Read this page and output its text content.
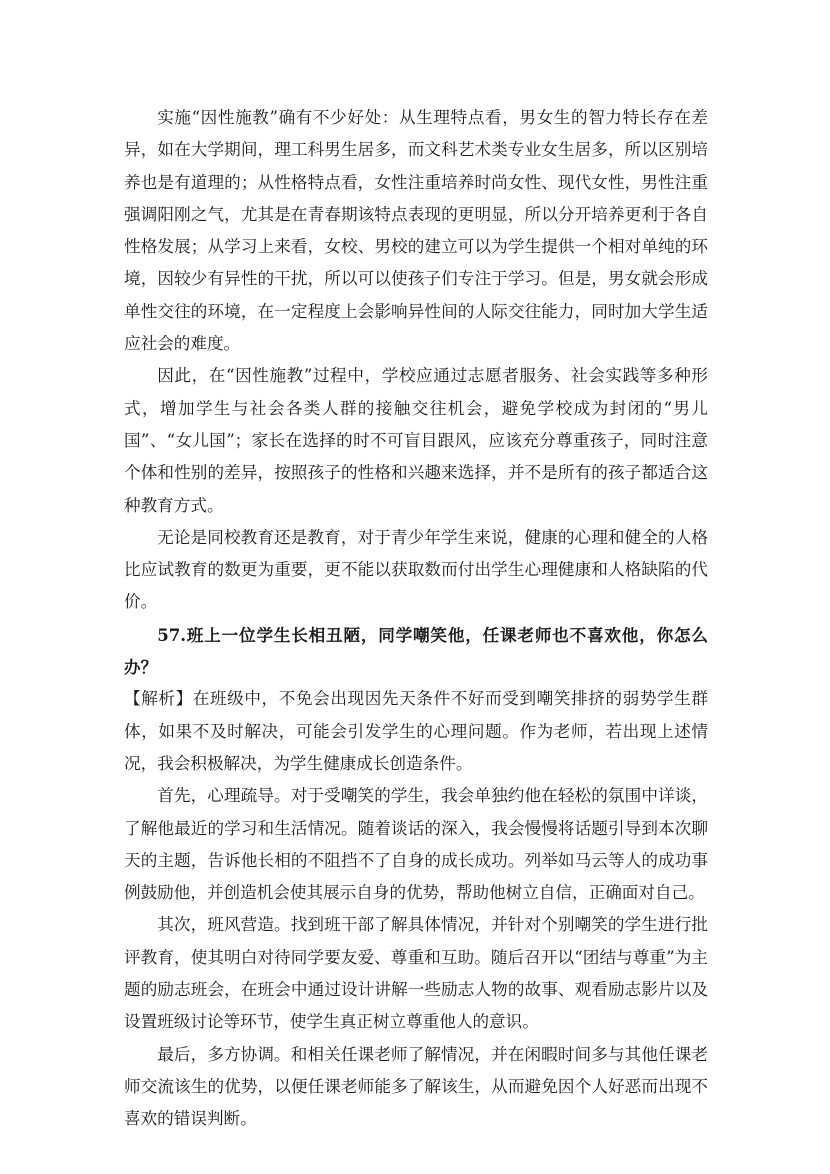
实施“因性施教”确有不少好处：从生理特点看，男女生的智力特长存在差异，如在大学期间，理工科男生居多，而文科艺术类专业女生居多，所以区别培养也是有道理的；从性格特点看，女性注重培养时尚女性、现代女性，男性注重强调阳刚之气，尤其是在青春期该特点表现的更明显，所以分开培养更利于各自性格发展；从学习上来看，女校、男校的建立可以为学生提供一个相对单纯的环境，因较少有异性的干扰，所以可以使孩子们专注于学习。但是，男女就会形成单性交往的环境，在一定程度上会影响异性间的人际交往能力，同时加大学生适应社会的难度。

因此，在“因性施教”过程中，学校应通过志愿者服务、社会实践等多种形式，增加学生与社会各类人群的接触交往机会，避免学校成为封闭的“男儿国”、“女儿国”；家长在选择的时不可盲目跟风，应该充分尊重孩子，同时注意个体和性别的差异，按照孩子的性格和兴趣来选择，并不是所有的孩子都适合这种教育方式。

无论是同校教育还是教育，对于青少年学生来说，健康的心理和健全的人格比应试教育的数更为重要，更不能以获取数而付出学生心理健康和人格缺陷的代价。

57.班上一位学生长相丑陋，同学嘲笑他，任课老师也不喜欢他，你怎么办？

【解析】在班级中，不免会出现因先天条件不好而受到嘲笑排挤的弱势学生群体，如果不及时解决，可能会引发学生的心理问题。作为老师，若出现上述情况，我会积极解决，为学生健康成长创造条件。

首先，心理疏导。对于受嘲笑的学生，我会单独约他在轻松的氛围中详谈，了解他最近的学习和生活情况。随着谈话的深入，我会慢慢将话题引导到本次聊天的主题，告诉他长相的不阻挡不了自身的成长成功。列举如马云等人的成功事例鼓励他，并创造机会使其展示自身的优势，帮助他树立自信，正确面对自己。

其次，班风营造。找到班干部了解具体情况，并针对个别嘲笑的学生进行批评教育，使其明白对待同学要友爱、尊重和互助。随后召开以“团结与尊重”为主题的励志班会，在班会中通过设计讲解一些励志人物的故事、观看励志影片以及设置班级讨论等环节，使学生真正树立尊重他人的意识。

最后，多方协调。和相关任课老师了解情况，并在闲暇时间多与其他任课老师交流该生的优势，以便任课老师能多了解该生，从而避免因个人好恶而出现不喜欢的错误判断。
